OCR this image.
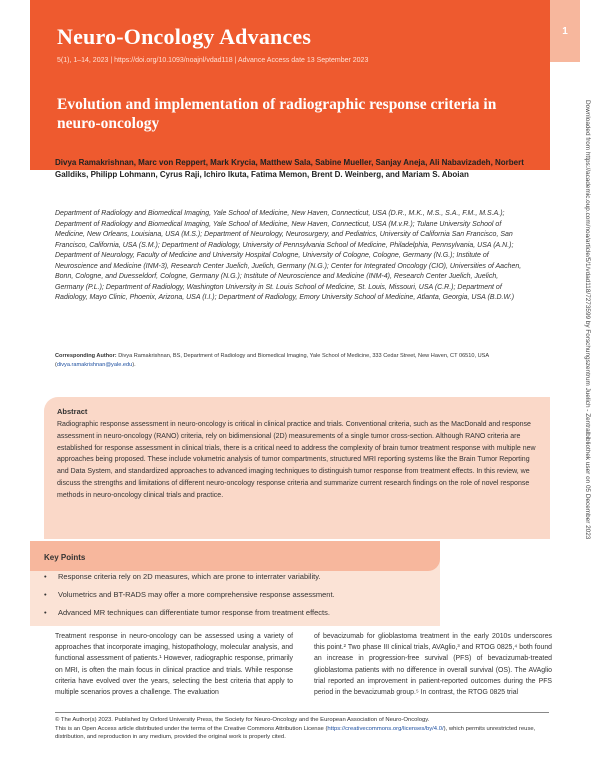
Neuro-Oncology Advances
5(1), 1–14, 2023 | https://doi.org/10.1093/noajnl/vdad118 | Advance Access date 13 September 2023
Evolution and implementation of radiographic response criteria in neuro-oncology
1
Downloaded from https://academic.oup.com/noa/article/5/1/vdad118/7273599 by Forschungszentrum Juelich - Zentralbibliothek user on 05 December 2023
Divya Ramakrishnan, Marc von Reppert, Mark Krycia, Matthew Sala, Sabine Mueller, Sanjay Aneja, Ali Nabavizadeh, Norbert Galldiks, Philipp Lohmann, Cyrus Raji, Ichiro Ikuta, Fatima Memon, Brent D. Weinberg, and Mariam S. Aboian
Department of Radiology and Biomedical Imaging, Yale School of Medicine, New Haven, Connecticut, USA (D.R., M.K., M.S., S.A., F.M., M.S.A.); Department of Radiology and Biomedical Imaging, Yale School of Medicine, New Haven, Connecticut, USA (M.v.R.); Tulane University School of Medicine, New Orleans, Louisiana, USA (M.S.); Department of Neurology, Neurosurgery, and Pediatrics, University of California San Francisco, San Francisco, California, USA (S.M.); Department of Radiology, University of Pennsylvania School of Medicine, Philadelphia, Pennsylvania, USA (A.N.); Department of Neurology, Faculty of Medicine and University Hospital Cologne, University of Cologne, Cologne, Germany (N.G.); Institute of Neuroscience and Medicine (INM-3), Research Center Juelich, Juelich, Germany (N.G.); Center for Integrated Oncology (CIO), Universities of Aachen, Bonn, Cologne, and Duesseldorf, Cologne, Germany (N.G.); Institute of Neuroscience and Medicine (INM-4), Research Center Juelich, Juelich, Germany (P.L.); Department of Radiology, Washington University in St. Louis School of Medicine, St. Louis, Missouri, USA (C.R.); Department of Radiology, Mayo Clinic, Phoenix, Arizona, USA (I.I.); Department of Radiology, Emory University School of Medicine, Atlanta, Georgia, USA (B.D.W.)
Corresponding Author: Divya Ramakrishnan, BS, Department of Radiology and Biomedical Imaging, Yale School of Medicine, 333 Cedar Street, New Haven, CT 06510, USA (divya.ramakrishnan@yale.edu).
Abstract
Radiographic response assessment in neuro-oncology is critical in clinical practice and trials. Conventional criteria, such as the MacDonald and response assessment in neuro-oncology (RANO) criteria, rely on bidimensional (2D) measurements of a single tumor cross-section. Although RANO criteria are established for response assessment in clinical trials, there is a critical need to address the complexity of brain tumor treatment response with multiple new approaches being proposed. These include volumetric analysis of tumor compartments, structured MRI reporting systems like the Brain Tumor Reporting and Data System, and standardized approaches to advanced imaging techniques to distinguish tumor response from treatment effects. In this review, we discuss the strengths and limitations of different neuro-oncology response criteria and summarize current research findings on the role of novel response methods in neuro-oncology clinical trials and practice.
Key Points
• Response criteria rely on 2D measures, which are prone to interrater variability.
• Volumetrics and BT-RADS may offer a more comprehensive response assessment.
• Advanced MR techniques can differentiate tumor response from treatment effects.
Treatment response in neuro-oncology can be assessed using a variety of approaches that incorporate imaging, histopathology, molecular analysis, and functional assessment of patients.¹ However, radiographic response, primarily on MRI, is often the main focus in clinical practice and trials. While response criteria have evolved over the years, selecting the best criteria that apply to multiple scenarios proves a challenge. The evaluation
of bevacizumab for glioblastoma treatment in the early 2010s underscores this point.² Two phase III clinical trials, AVAglio,³ and RTOG 0825,⁴ both found an increase in progression-free survival (PFS) of bevacizumab-treated glioblastoma patients with no difference in overall survival (OS). The AVAglio trial reported an improvement in patient-reported outcomes during the PFS period in the bevacizumab group.⁵ In contrast, the RTOG 0825 trial
© The Author(s) 2023. Published by Oxford University Press, the Society for Neuro-Oncology and the European Association of Neuro-Oncology.
This is an Open Access article distributed under the terms of the Creative Commons Attribution License (https://creativecommons.org/licenses/by/4.0/), which permits unrestricted reuse, distribution, and reproduction in any medium, provided the original work is properly cited.
